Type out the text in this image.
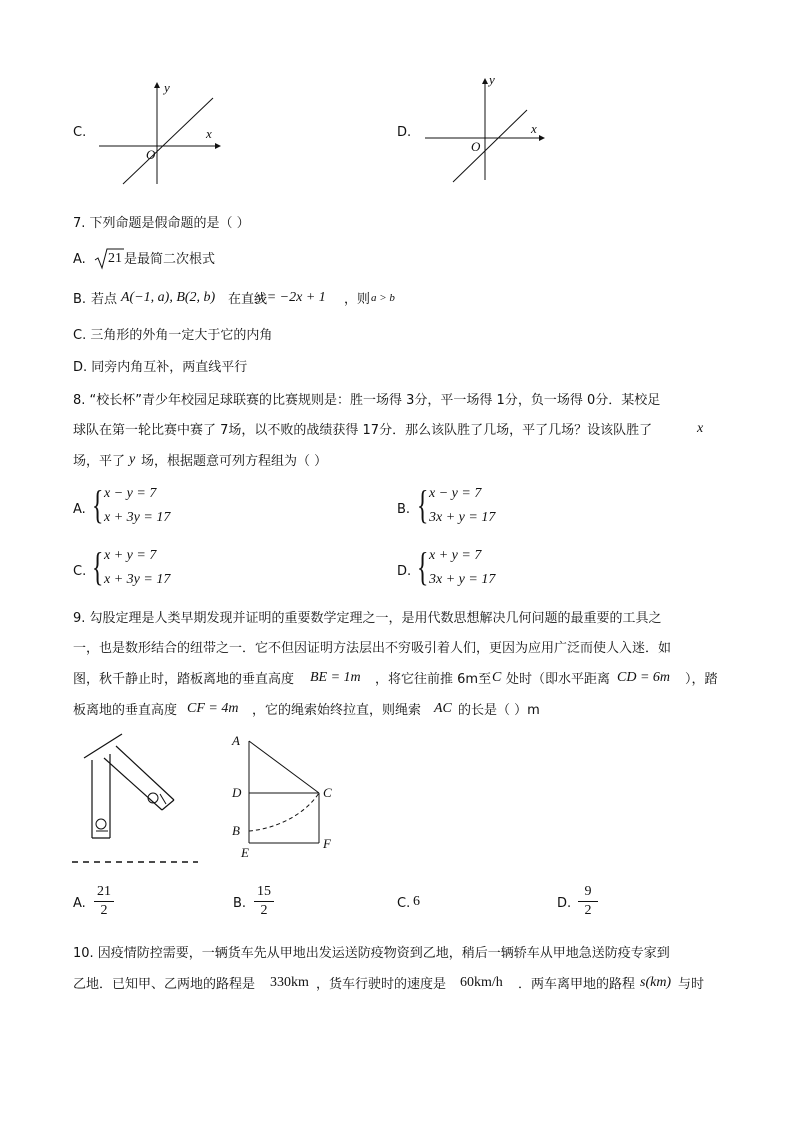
C.	x
y
O
D.	x
y
O
7. 下列命题是假命题的是（ ）
A. 21 是最简二次根式
B. 若点 A(−1, a), B(2, b) 在直线
y = −2x + 1 ，则 a > b
C. 三角形的外角一定大于它的内角
D. 同旁内角互补，两直线平行
8. “校长杯”青少年校园足球联赛的比赛规则是：胜一场得 3分，平一场得 1分，负一场得 0分．某校足
球队在第一轮比赛中赛了 7场，以不败的战绩获得 17分．那么该队胜了几场，平了几场？设该队胜了	x
场，平了 y 场，根据题意可列方程组为（ ）
A. { x − y = 7
x + 3y = 17
B. { x − y = 7
3x + y = 17
C. { x + y = 7
x + 3y = 17
D. { x + y = 7
3x + y = 17
9. 勾股定理是人类早期发现并证明的重要数学定理之一，是用代数思想解决几何问题的最重要的工具之
一，也是数形结合的纽带之一．它不但因证明方法层出不穷吸引着人们，更因为应用广泛而使人入迷．如
图，秋千静止时，踏板离地的垂直高度 BE = 1m ，将它往前推 6m至 C 处时（即水平距离 CD = 6m ），踏
板离地的垂直高度 CF = 4m ，它的绳索始终拉直，则绳索 AC 的长是（ ）m
A
D
B
E
C
F
A.
21
2	B.
15
2	C. 6	D.
9
2
10. 因疫情防控需要，一辆货车先从甲地出发运送防疫物资到乙地，稍后一辆轿车从甲地急送防疫专家到
乙地．已知甲、乙两地的路程是 330km ，货车行驶时的速度是 60km/h ．两车离甲地的路程 s(km) 与时
